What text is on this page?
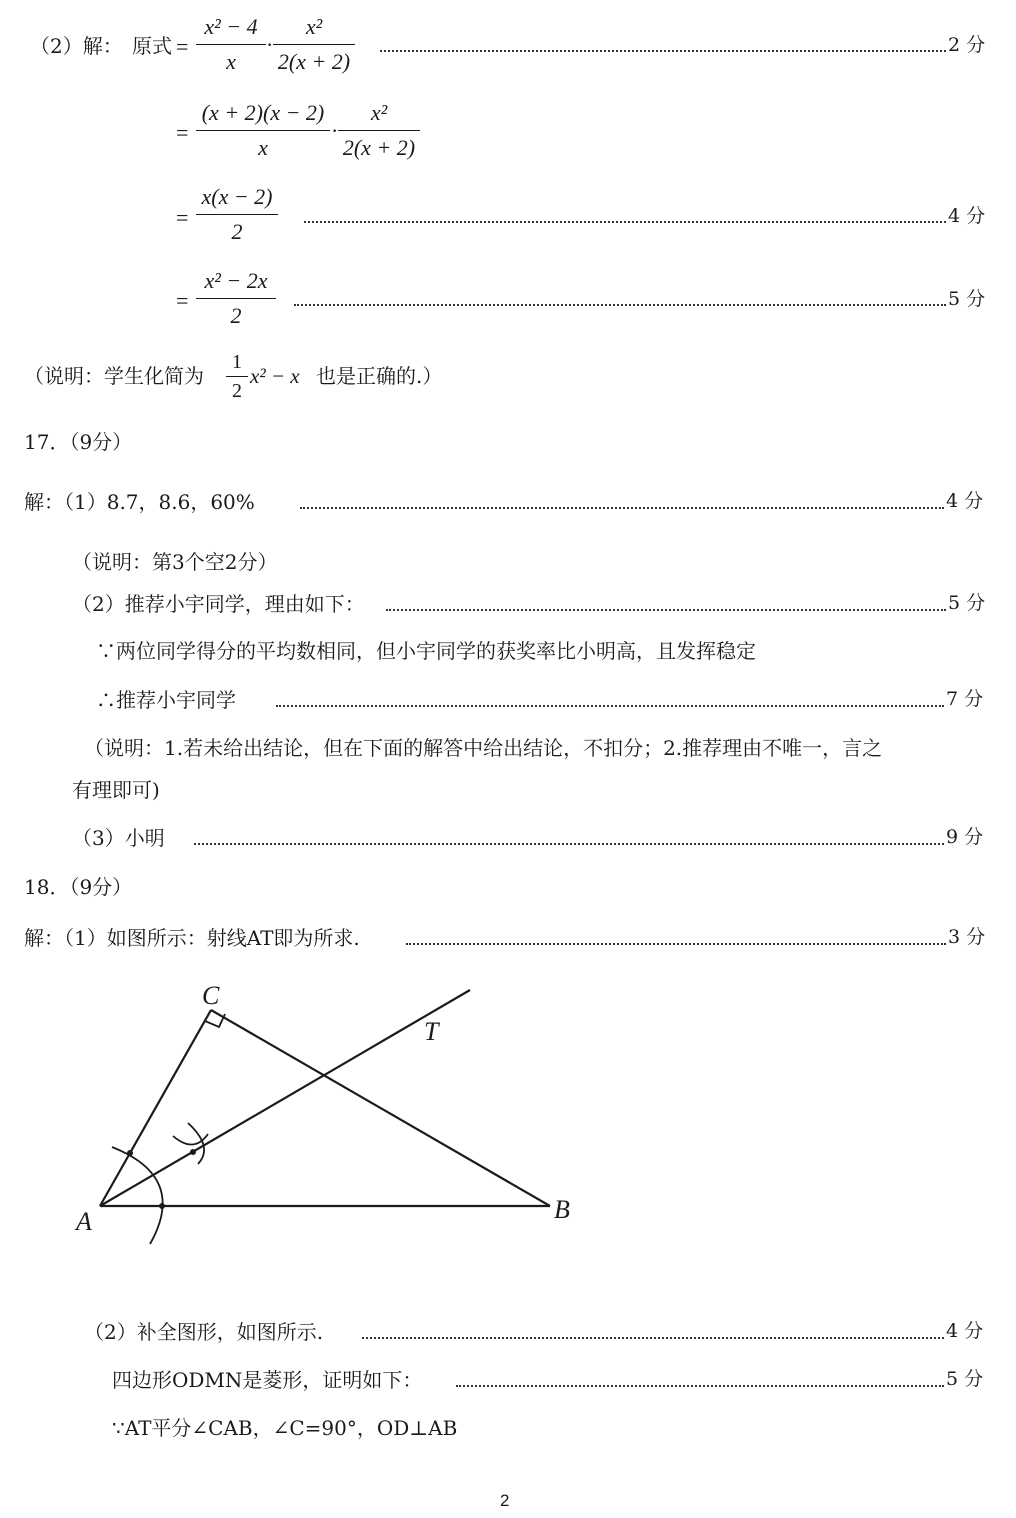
（2）解： 原式 = $\frac{\text{x² − 4}}{x} \cdot \frac{\text{x²}}{2(x + 2)}$	2 分
= $\frac{(x + 2)(x - 2)}{x} \cdot \frac{\text{x²}}{2(x + 2)}$
= $\frac{x(x - 2)}{2}$	4 分
= $\frac{\text{x² − 2x}}{2}$	5 分
（说明：学生化简为 $\frac{1}{2} x^2 - x$ 也是正确的.）
17．（9分）
解：（1）8.7，8.6，60%	4 分
（说明：第3个空2分）
（2）推荐小宇同学，理由如下：	5 分
∵两位同学得分的平均数相同，但小宇同学的获奖率比小明高，且发挥稳定
∴推荐小宇同学	7 分
（说明：1.若未给出结论，但在下面的解答中给出结论，不扣分；2.推荐理由不唯一，言之
有理即可)
（3）小明	9 分
18．（9分）
解：（1）如图所示：射线AT即为所求.	3 分
A	B
C
T
（2）补全图形，如图所示.	4 分
四边形ODMN是菱形，证明如下：	5 分
∵AT平分∠CAB，∠C=90°，OD⊥AB
2
